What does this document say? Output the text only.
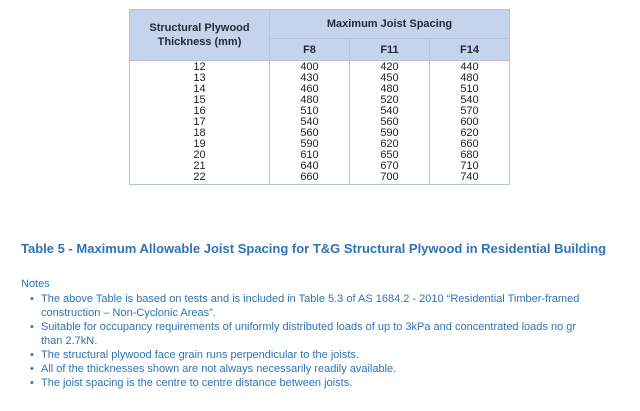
Structural Plywood
Thickness (mm)	Maximum Joist Spacing		
	F8	F11	F14
12	400	420	440
13	430	450	480
14	460	480	510
15	480	520	540
16	510	540	570
17	540	560	600
18	560	590	620
19	590	620	660
20	610	650	680
21	640	670	710
22	660	700	740
Table 5 - Maximum Allowable Joist Spacing for T&G Structural Plywood in Residential Building
Notes
• The above Table is based on tests and is included in Table 5.3 of AS 1684.2 - 2010 “Residential Timber-framed
construction – Non-Cyclonic Areas”.
• Suitable for occupancy requirements of uniformly distributed loads of up to 3kPa and concentrated loads no gr
than 2.7kN.
• The structural plywood face grain runs perpendicular to the joists.
• All of the thicknesses shown are not always necessarily readily available.
• The joist spacing is the centre to centre distance between joists.
